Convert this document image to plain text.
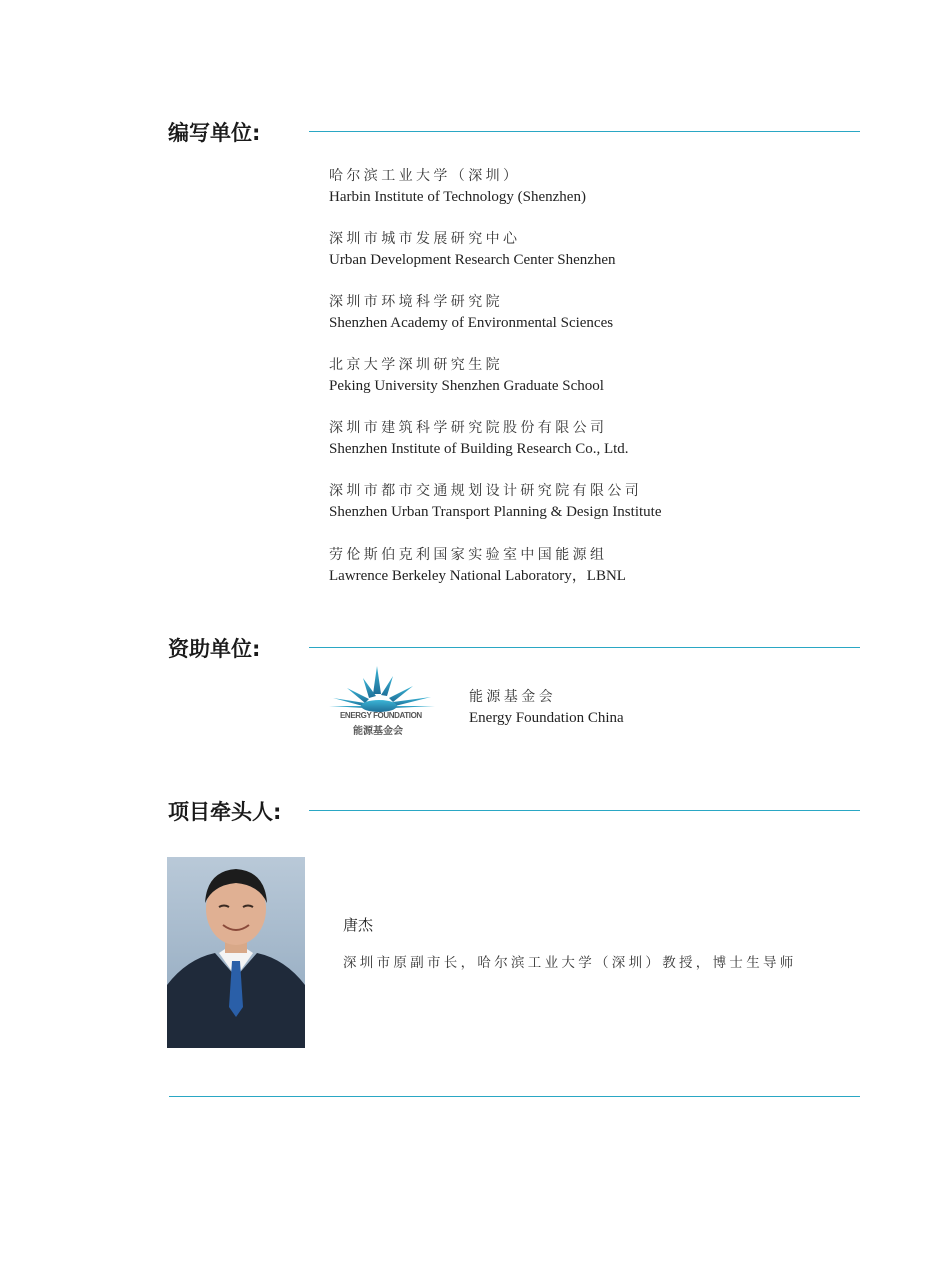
编写单位:
哈尔滨工业大学（深圳）
Harbin Institute of Technology (Shenzhen)
深圳市城市发展研究中心
Urban Development Research Center Shenzhen
深圳市环境科学研究院
Shenzhen Academy of Environmental Sciences
北京大学深圳研究生院
Peking University Shenzhen Graduate School
深圳市建筑科学研究院股份有限公司
Shenzhen Institute of Building Research Co., Ltd.
深圳市都市交通规划设计研究院有限公司
Shenzhen Urban Transport Planning & Design Institute
劳伦斯伯克利国家实验室中国能源组
Lawrence Berkeley National Laboratory，LBNL
资助单位:
ENERGY FOUNDATION
能源基金会
能源基金会
Energy Foundation China
项目牵头人:
唐杰
深圳市原副市长，哈尔滨工业大学（深圳）教授，博士生导师
